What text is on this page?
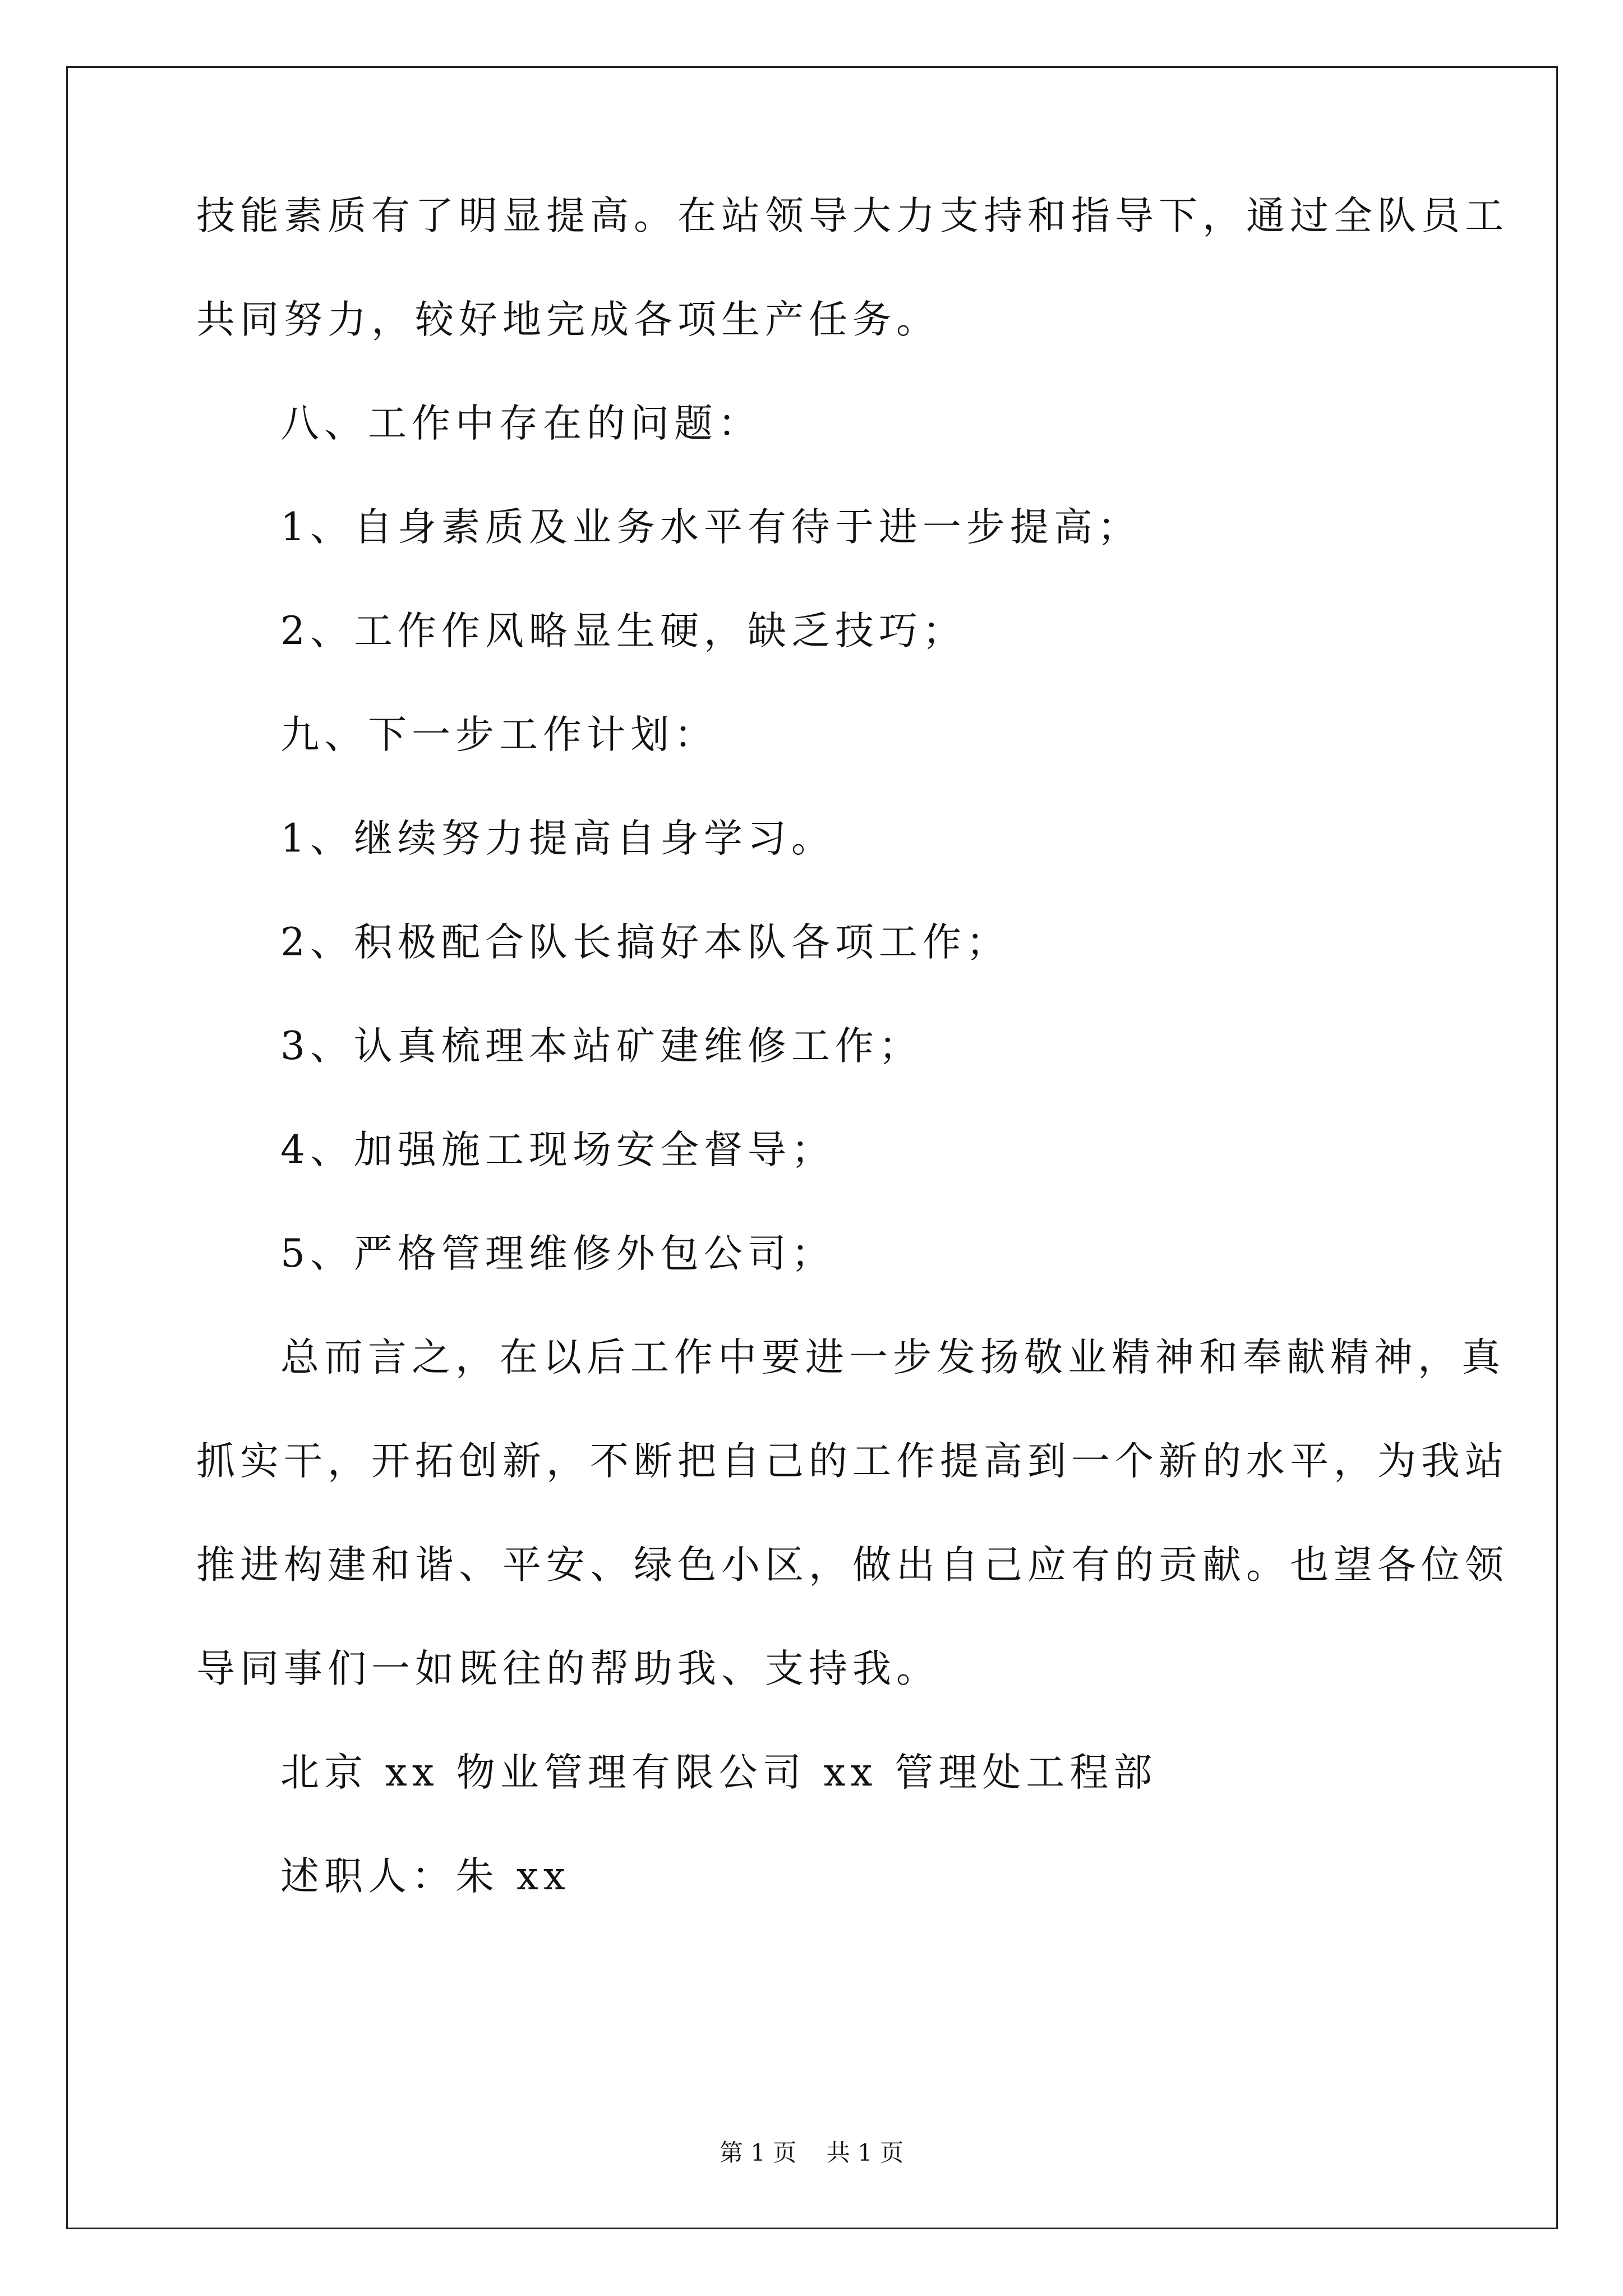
技能素质有了明显提高。在站领导大力支持和指导下，通过全队员工
共同努力，较好地完成各项生产任务。
八、工作中存在的问题：
1、自身素质及业务水平有待于进一步提高；
2、工作作风略显生硬，缺乏技巧；
九、下一步工作计划：
1、继续努力提高自身学习。
2、积极配合队长搞好本队各项工作；
3、认真梳理本站矿建维修工作；
4、加强施工现场安全督导；
5、严格管理维修外包公司；
总而言之，在以后工作中要进一步发扬敬业精神和奉献精神，真
抓实干，开拓创新，不断把自己的工作提高到一个新的水平，为我站
推进构建和谐、平安、绿色小区，做出自己应有的贡献。也望各位领
导同事们一如既往的帮助我、支持我。
北京 xx 物业管理有限公司 xx 管理处工程部
述职人：朱 xx
第 1 页    共 1 页
